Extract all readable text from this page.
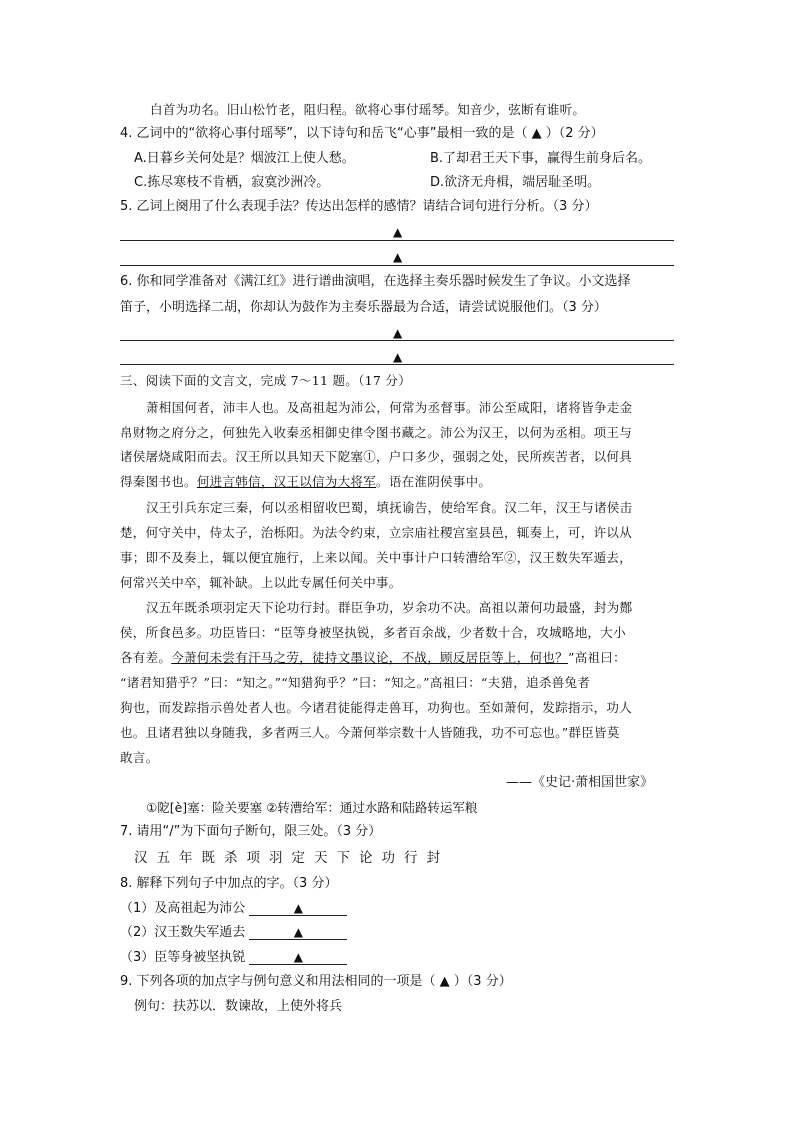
白首为功名。旧山松竹老，阻归程。欲将心事付瑶琴。知音少，弦断有谁听。
4. 乙词中的“欲将心事付瑶琴”，以下诗句和岳飞“心事”最相一致的是（ ▲ ）（2 分）
A.日暮乡关何处是？烟波江上使人愁。	B.了却君王天下事，赢得生前身后名。
C.拣尽寒枝不肯栖，寂寞沙洲冷。	D.欲济无舟楫，端居耻圣明。
5. 乙词上阕用了什么表现手法？传达出怎样的感情？请结合词句进行分析。（3 分）
▲
▲
6. 你和同学准备对《满江红》进行谱曲演唱，在选择主奏乐器时候发生了争议。小文选择
笛子，小明选择二胡，你却认为鼓作为主奏乐器最为合适，请尝试说服他们。（3 分）
▲
▲
三、阅读下面的文言文，完成 7～11 题。（17 分）
萧相国何者，沛丰人也。及高祖起为沛公，何常为丞督事。沛公至咸阳，诸将皆争走金
帛财物之府分之，何独先入收秦丞相御史律令图书藏之。沛公为汉王，以何为丞相。项王与
诸侯屠烧咸阳而去。汉王所以具知天下阸塞①，户口多少，强弱之处，民所疾苦者，以何具
得秦图书也。何进言韩信，汉王以信为大将军。语在淮阴侯事中。
汉王引兵东定三秦，何以丞相留收巴蜀，填抚谕告，使给军食。汉二年，汉王与诸侯击
楚，何守关中，侍太子，治栎阳。为法令约束，立宗庙社稷宫室县邑，辄奏上，可，许以从
事；即不及奏上，辄以便宜施行，上来以闻。关中事计户口转漕给军②，汉王数失军遁去，
何常兴关中卒，辄补缺。上以此专属任何关中事。
汉五年既杀项羽定天下论功行封。群臣争功，岁余功不决。高祖以萧何功最盛，封为酂
侯，所食邑多。功臣皆曰：“臣等身被坚执锐，多者百余战，少者数十合，攻城略地，大小
各有差。今萧何未尝有汗马之劳，徒持文墨议论，不战，顾反居臣等上，何也？”高祖曰：
“诸君知猎乎？”曰：“知之。”“知猎狗乎？”曰：“知之。”高祖曰：“夫猎，追杀兽兔者
狗也，而发踪指示兽处者人也。今诸君徒能得走兽耳，功狗也。至如萧何，发踪指示，功人
也。且诸君独以身随我，多者两三人。今萧何举宗数十人皆随我，功不可忘也。”群臣皆莫
敢言。
——《史记·萧相国世家》
①阸[è]塞：险关要塞 ②转漕给军：通过水路和陆路转运军粮
7. 请用“/”为下面句子断句，限三处。（3 分）
汉五年既杀项羽定天下论功行封
8. 解释下列句子中加点的字。（3 分）
（1）及高祖起为沛公	▲
（2）汉王数失军遁去	▲
（3）臣等身被坚执锐	▲
9. 下列各项的加点字与例句意义和用法相同的一项是（ ▲ ）（3 分）
例句：扶苏以．数谏故，上使外将兵
